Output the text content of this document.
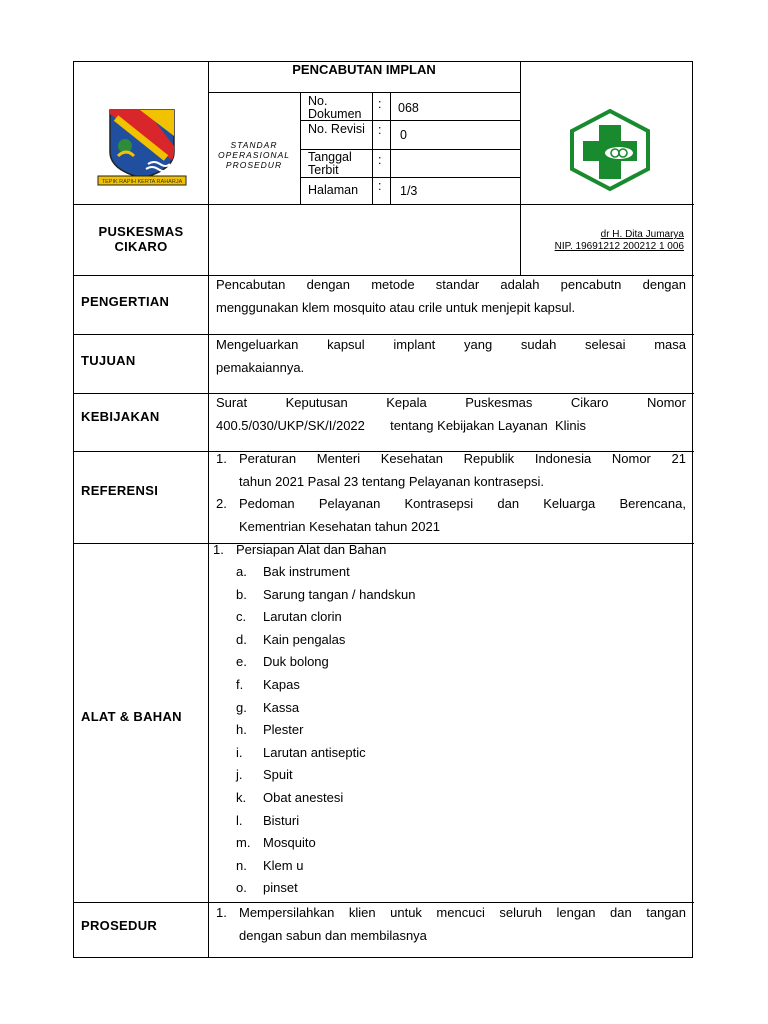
TEPIK RAPIH KERTA RAHARJA
PENCABUTAN IMPLAN
STANDAR
OPERASIONAL
PROSEDUR
No. Dokumen
: 068
No. Revisi	: 0
Tanggal Terbit
:
Halaman : 1/3
PUSKESMAS
CIKARO
dr H. Dita Jumarya
NIP. 19691212 200212 1 006
PENGERTIAN
Pencabutan dengan metode standar adalah pencabutn dengan
menggunakan klem mosquito atau crile untuk menjepit kapsul.
TUJUAN
Mengeluarkan kapsul implant yang sudah selesai masa
pemakaiannya.
KEBIJAKAN
Surat Keputusan Kepala Puskesmas Cikaro Nomor
400.5/030/UKP/SK/I/2022       tentang Kebijakan Layanan  Klinis
REFERENSI
1. Peraturan Menteri Kesehatan Republik Indonesia Nomor 21
tahun 2021 Pasal 23 tentang Pelayanan kontrasepsi.
2. Pedoman Pelayanan Kontrasepsi dan Keluarga Berencana,
Kementrian Kesehatan tahun 2021
ALAT & BAHAN
1. Persiapan Alat dan Bahan
a. Bak instrument
b. Sarung tangan / handskun
c. Larutan clorin
d. Kain pengalas
e. Duk bolong
f. Kapas
g. Kassa
h. Plester
i. Larutan antiseptic
j. Spuit
k. Obat anestesi
l. Bisturi
m. Mosquito
n. Klem u
o. pinset
PROSEDUR
1. Mempersilahkan klien untuk mencuci seluruh lengan dan tangan
dengan sabun dan membilasnya
